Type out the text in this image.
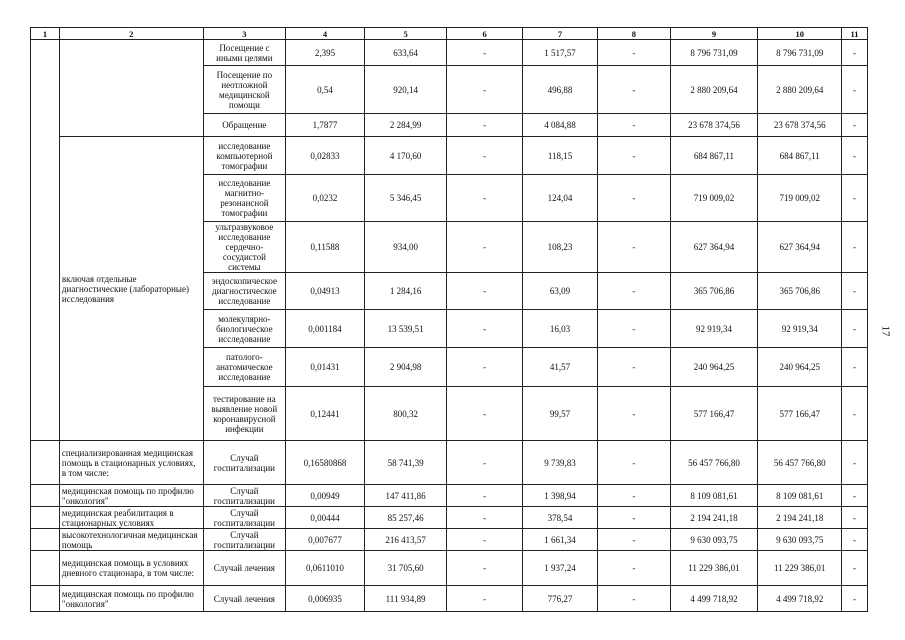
1	2	3	4	5	6	7	8	9	10	11
		Посещение с иными целями	2,395	633,64	-	1 517,57	-	8 796 731,09	8 796 731,09	-
		Посещение по неотложной медицинской помощи	0,54	920,14	-	496,88	-	2 880 209,64	2 880 209,64	-
		Обращение	1,7877	2 284,99	-	4 084,88	-	23 678 374,56	23 678 374,56	-
	включая отдельные диагностические (лабораторные) исследования	исследование компьютерной томографии	0,02833	4 170,60	-	118,15	-	684 867,11	684 867,11	-
		исследование магнитно-резонансной томографии	0,0232	5 346,45	-	124,04	-	719 009,02	719 009,02	-
		ультразвуковое исследование сердечно-сосудистой системы	0,11588	934,00	-	108,23	-	627 364,94	627 364,94	-
		эндоскопическое диагностическое исследование	0,04913	1 284,16	-	63,09	-	365 706,86	365 706,86	-
		молекулярно-биологическое исследование	0,001184	13 539,51	-	16,03	-	92 919,34	92 919,34	-
		патолого-анатомическое исследование	0,01431	2 904,98	-	41,57	-	240 964,25	240 964,25	-
		тестирование на выявление новой коронавирусной инфекции	0,12441	800,32	-	99,57	-	577 166,47	577 166,47	-
	специализированная медицинская помощь в стационарных условиях, в том числе:	Случай госпитализации	0,16580868	58 741,39	-	9 739,83	-	56 457 766,80	56 457 766,80	-
	медицинская помощь по профилю "онкология"	Случай госпитализации	0,00949	147 411,86	-	1 398,94	-	8 109 081,61	8 109 081,61	-
	медицинская реабилитация в стационарных условиях	Случай госпитализации	0,00444	85 257,46	-	378,54	-	2 194 241,18	2 194 241,18	-
	высокотехнологичная медицинская помощь	Случай госпитализации	0,007677	216 413,57	-	1 661,34	-	9 630 093,75	9 630 093,75	-
	медицинская помощь в условиях дневного стационара, в том числе:	Случай лечения	0,0611010	31 705,60	-	1 937,24	-	11 229 386,01	11 229 386,01	-
	медицинская помощь по профилю "онкология"	Случай лечения	0,006935	111 934,89	-	776,27	-	4 499 718,92	4 499 718,92	-
17
